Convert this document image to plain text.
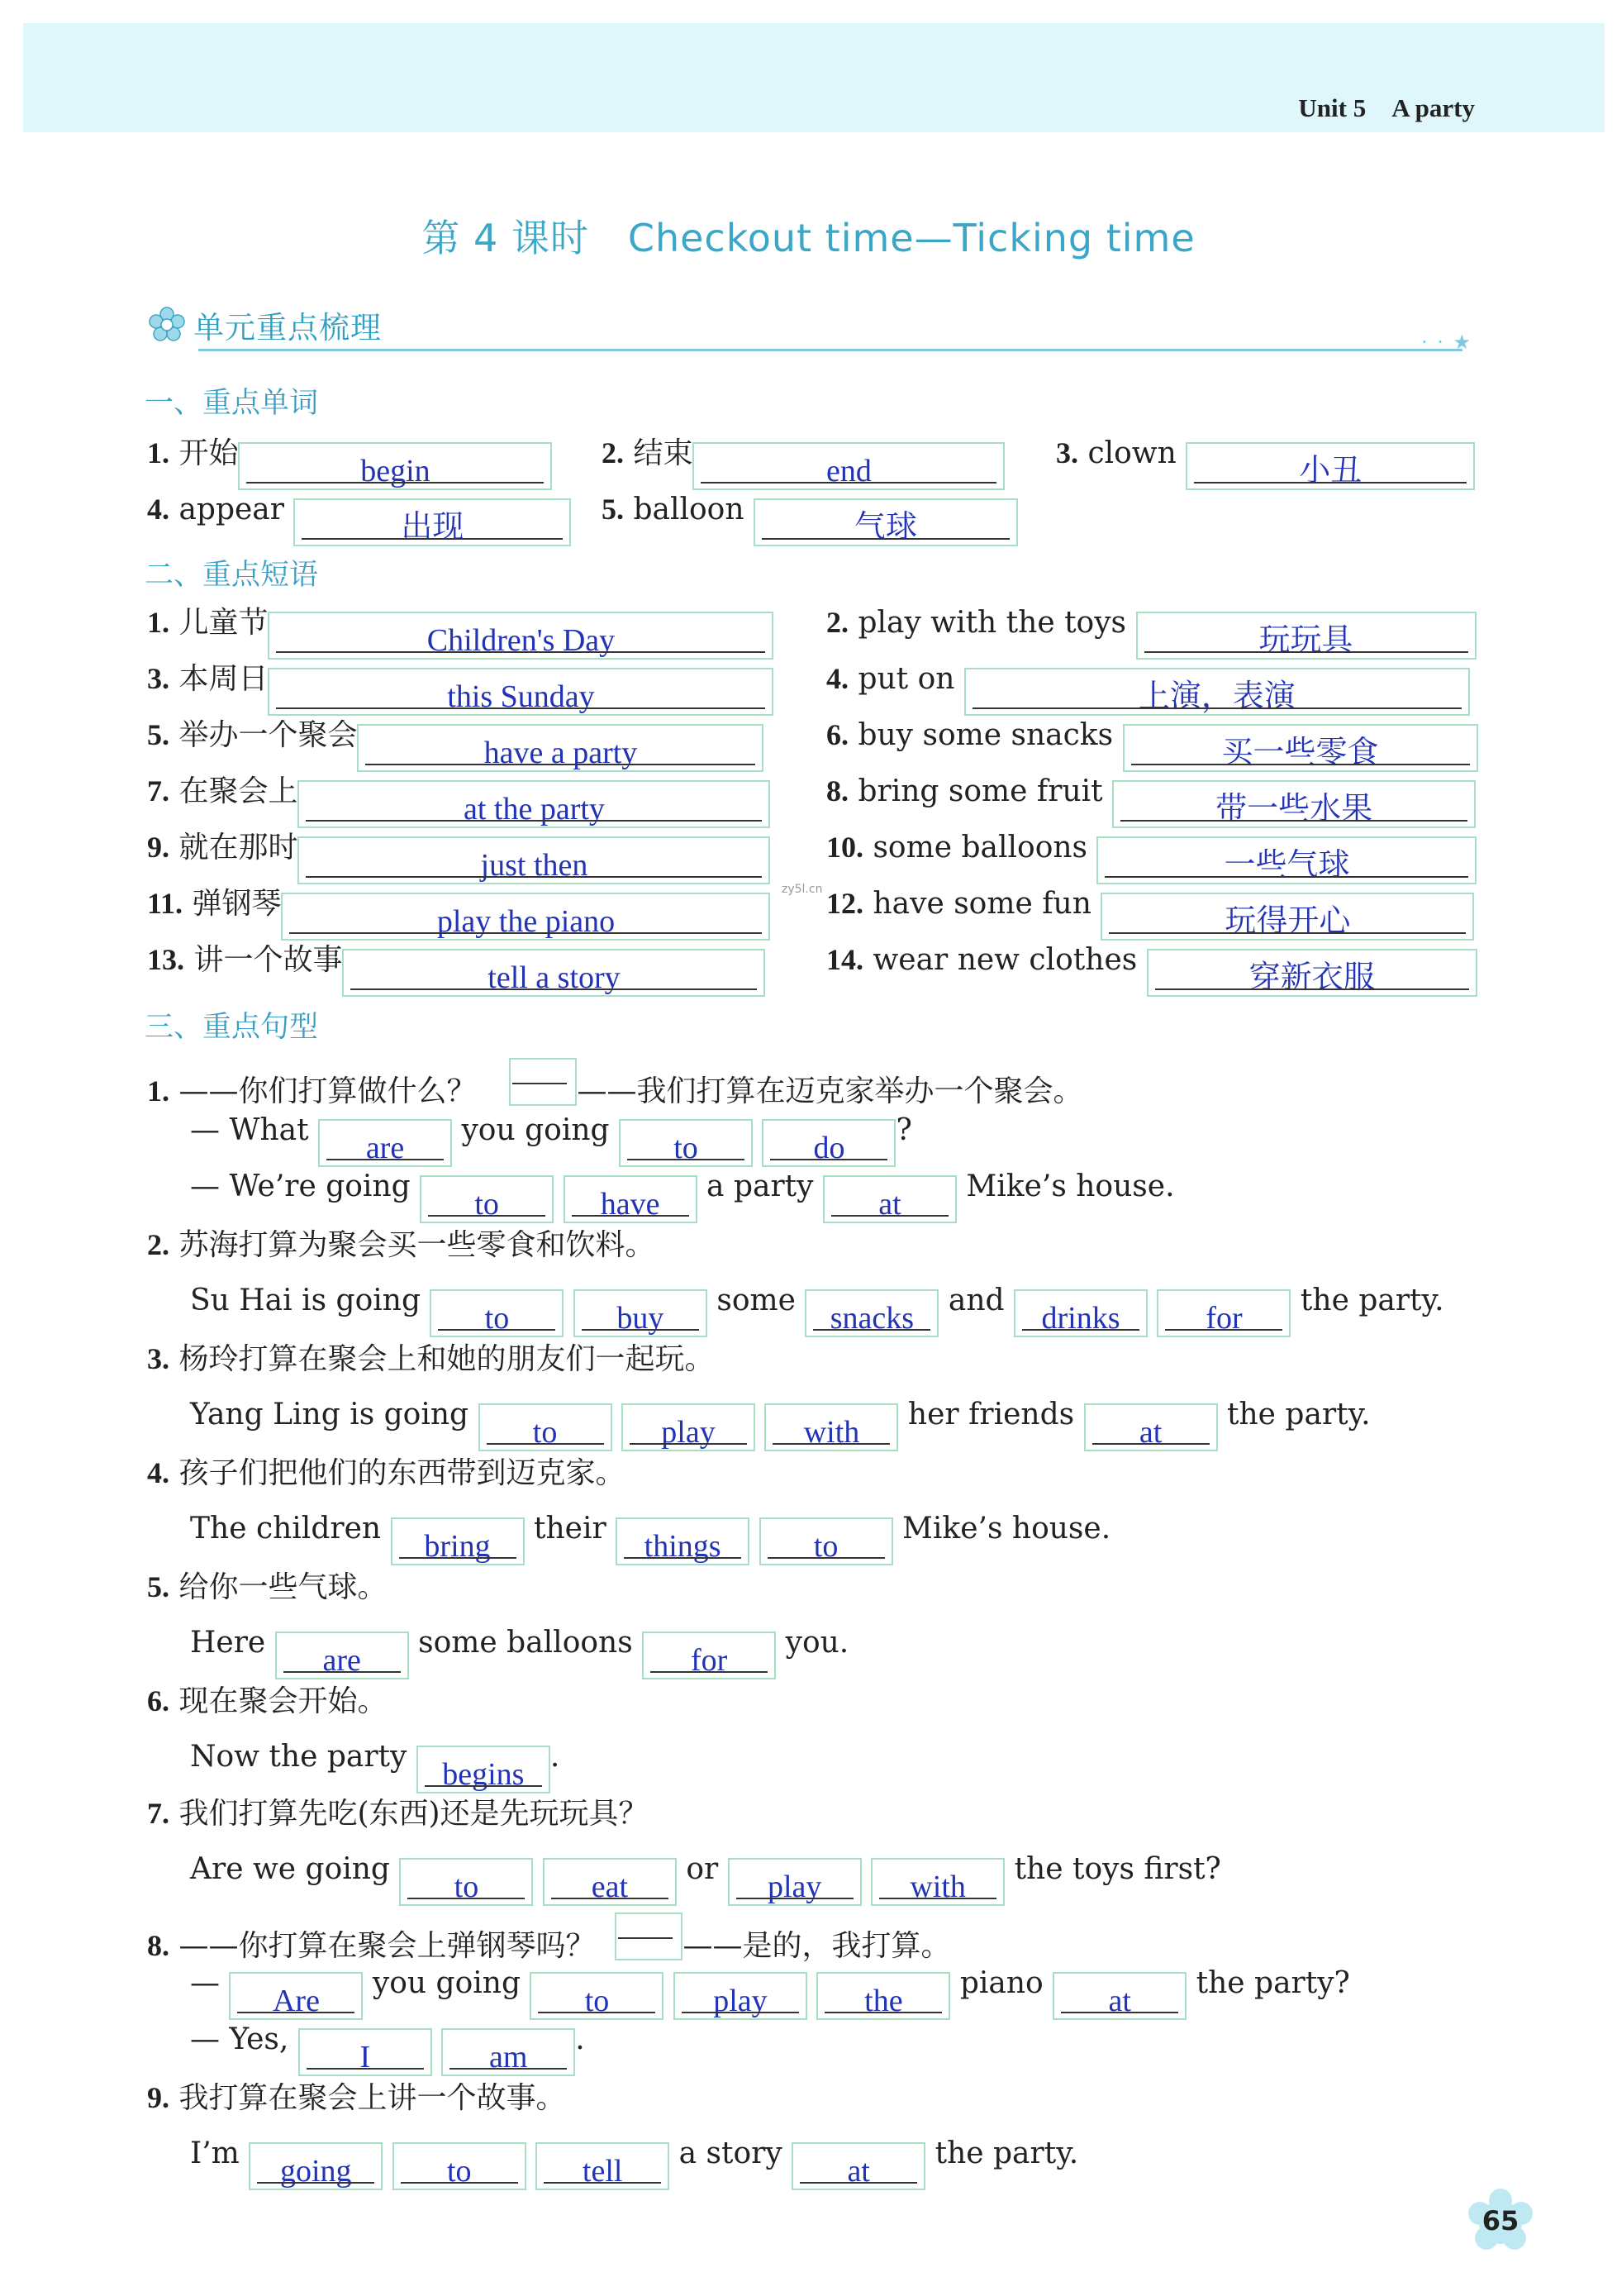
Unit 5　A party
第 4 课时　Checkout time—Ticking time
单元重点梳理	· · ★
一、重点单词
1. 开始begin
2. 结束end
3. clown 小丑
4. appear 出现
5. balloon 气球
二、重点短语
1. 儿童节Children's Day
2. play with the toys 玩玩具
3. 本周日this Sunday
4. put on 上演，表演
5. 举办一个聚会have a party
6. buy some snacks 买一些零食
7. 在聚会上at the party
8. bring some fruit 带一些水果
9. 就在那时just then
10. some balloons 一些气球
zy5l.cn
11. 弹钢琴play the piano
12. have some fun 玩得开心
13. 讲一个故事tell a story
14. wear new clothes 穿新衣服
三、重点句型
1. ——你们打算做什么？	——我们打算在迈克家举办一个聚会。
— What are you going to	do?
— We’re going to	have a party at Mike’s house.
2. 苏海打算为聚会买一些零食和饮料。
Su Hai is going to	buy some snacks and drinks	for the party.
3. 杨玲打算在聚会上和她的朋友们一起玩。
Yang Ling is going to	play	with her friends at the party.
4. 孩子们把他们的东西带到迈克家。
The children bring their things	to Mike’s house.
5. 给你一些气球。
Here are some balloons for you.
6. 现在聚会开始。
Now the party begins.
7. 我们打算先吃(东西)还是先玩玩具？
Are we going to	eat or play	with the toys first?
8. ——你打算在聚会上弹钢琴吗？	——是的，我打算。
— Are you going to	play	the piano at the party?
— Yes, I	am.
9. 我打算在聚会上讲一个故事。
I’m going	to	tell a story at the party.
65
